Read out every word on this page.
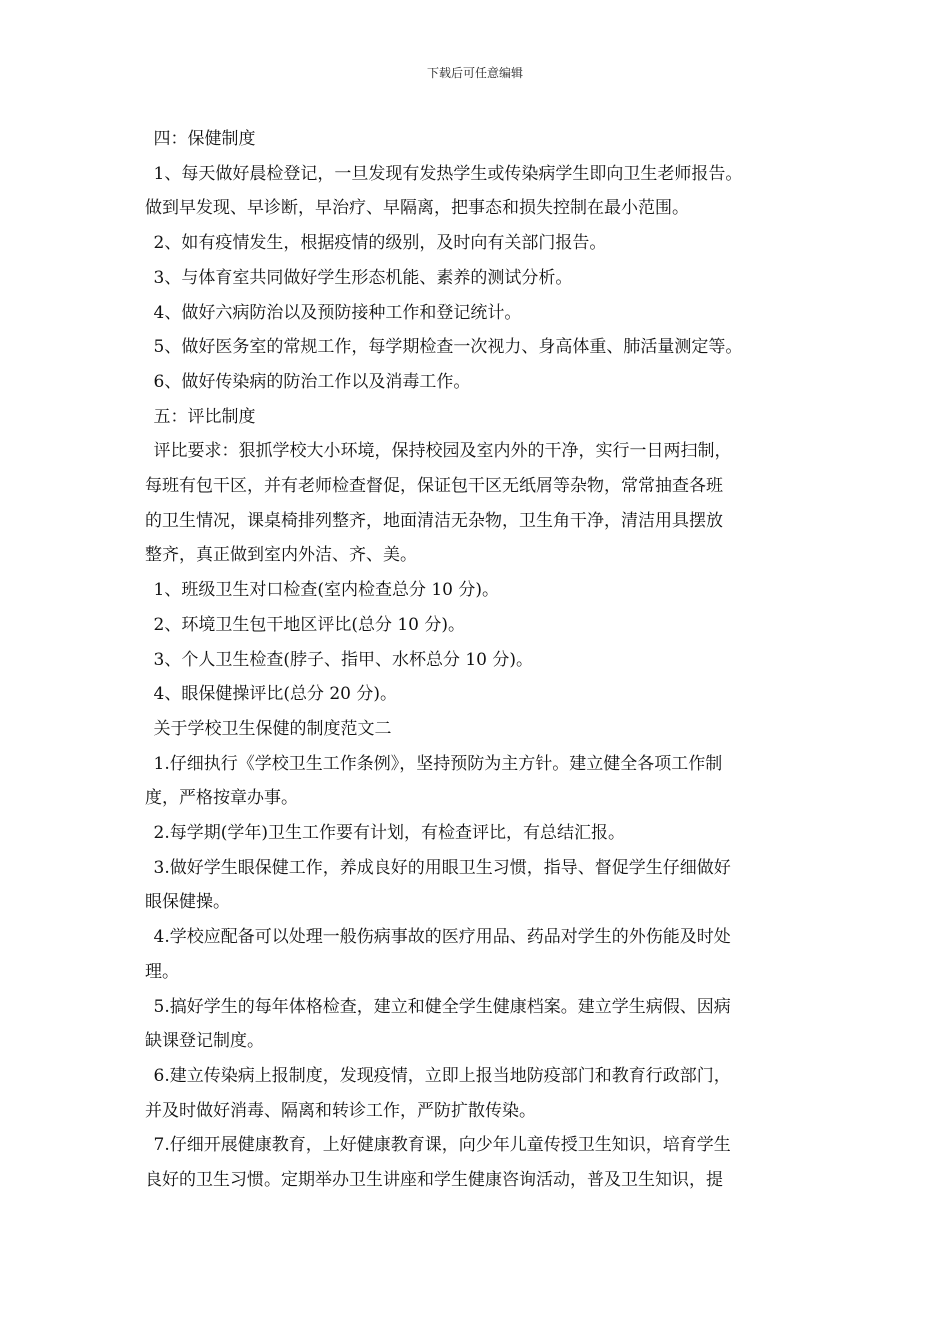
下载后可任意编辑

四：保健制度

1、每天做好晨检登记，一旦发现有发热学生或传染病学生即向卫生老师报告。

做到早发现、早诊断，早治疗、早隔离，把事态和损失控制在最小范围。

2、如有疫情发生，根据疫情的级别，及时向有关部门报告。

3、与体育室共同做好学生形态机能、素养的测试分析。

4、做好六病防治以及预防接种工作和登记统计。

5、做好医务室的常规工作，每学期检查一次视力、身高体重、肺活量测定等。

6、做好传染病的防治工作以及消毒工作。

五：评比制度

评比要求：狠抓学校大小环境，保持校园及室内外的干净，实行一日两扫制，

每班有包干区，并有老师检查督促，保证包干区无纸屑等杂物，常常抽查各班

的卫生情况，课桌椅排列整齐，地面清洁无杂物，卫生角干净，清洁用具摆放

整齐，真正做到室内外洁、齐、美。

1、班级卫生对口检查(室内检查总分 10 分)。

2、环境卫生包干地区评比(总分 10 分)。

3、个人卫生检查(脖子、指甲、水杯总分 10 分)。

4、眼保健操评比(总分 20 分)。

关于学校卫生保健的制度范文二

1.仔细执行《学校卫生工作条例》，坚持预防为主方针。建立健全各项工作制

度，严格按章办事。

2.每学期(学年)卫生工作要有计划，有检查评比，有总结汇报。

3.做好学生眼保健工作，养成良好的用眼卫生习惯，指导、督促学生仔细做好

眼保健操。

4.学校应配备可以处理一般伤病事故的医疗用品、药品对学生的外伤能及时处

理。

5.搞好学生的每年体格检查，建立和健全学生健康档案。建立学生病假、因病

缺课登记制度。

6.建立传染病上报制度，发现疫情，立即上报当地防疫部门和教育行政部门，

并及时做好消毒、隔离和转诊工作，严防扩散传染。

7.仔细开展健康教育，上好健康教育课，向少年儿童传授卫生知识，培育学生

良好的卫生习惯。定期举办卫生讲座和学生健康咨询活动，普及卫生知识，提
